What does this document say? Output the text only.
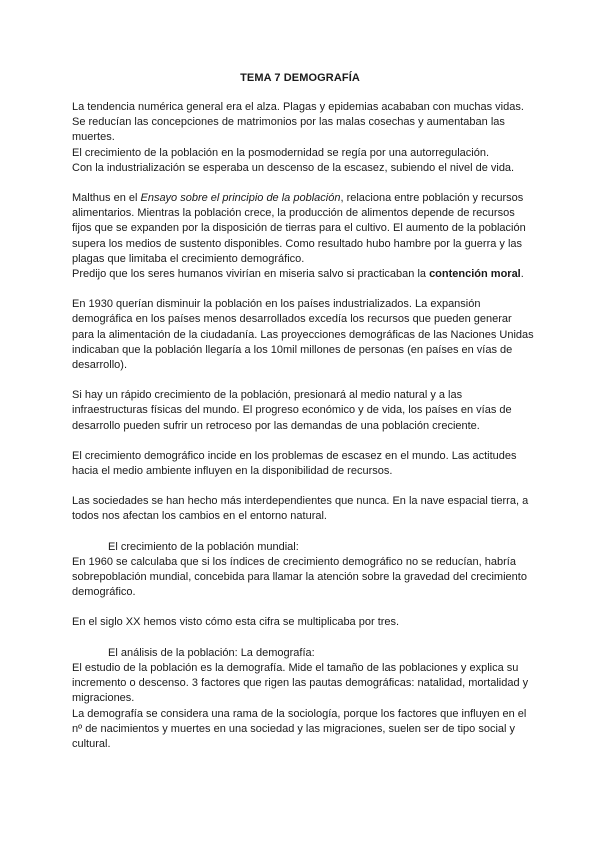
TEMA 7 DEMOGRAFÍA

La tendencia numérica general era el alza. Plagas y epidemias acababan con muchas vidas.
Se reducían las concepciones de matrimonios por las malas cosechas y aumentaban las muertes.
El crecimiento de la población en la posmodernidad se regía por una autorregulación.
Con la industrialización se esperaba un descenso de la escasez, subiendo el nivel de vida.

Malthus en el Ensayo sobre el principio de la población, relaciona entre población y recursos alimentarios. Mientras la población crece, la producción de alimentos depende de recursos fijos que se expanden por la disposición de tierras para el cultivo. El aumento de la población supera los medios de sustento disponibles. Como resultado hubo hambre por la guerra y las plagas que limitaba el crecimiento demográfico.
Predijo que los seres humanos vivirían en miseria salvo si practicaban la contención moral.

En 1930 querían disminuir la población en los países industrializados. La expansión demográfica en los países menos desarrollados excedía los recursos que pueden generar para la alimentación de la ciudadanía. Las proyecciones demográficas de las Naciones Unidas indicaban que la población llegaría a los 10mil millones de personas (en países en vías de desarrollo).

Si hay un rápido crecimiento de la población, presionará al medio natural y a las infraestructuras físicas del mundo. El progreso económico y de vida, los países en vías de desarrollo pueden sufrir un retroceso por las demandas de una población creciente.

El crecimiento demográfico incide en los problemas de escasez en el mundo. Las actitudes hacia el medio ambiente influyen en la disponibilidad de recursos.

Las sociedades se han hecho más interdependientes que nunca. En la nave espacial tierra, a todos nos afectan los cambios en el entorno natural.

El crecimiento de la población mundial:
En 1960 se calculaba que si los índices de crecimiento demográfico no se reducían, habría sobrepoblación mundial, concebida para llamar la atención sobre la gravedad del crecimiento demográfico.

En el siglo XX hemos visto cómo esta cifra se multiplicaba por tres.

El análisis de la población: La demografía:
El estudio de la población es la demografía. Mide el tamaño de las poblaciones y explica su incremento o descenso. 3 factores que rigen las pautas demográficas: natalidad, mortalidad y migraciones.
La demografía se considera una rama de la sociología, porque los factores que influyen en el nº de nacimientos y muertes en una sociedad y las migraciones, suelen ser de tipo social y cultural.
